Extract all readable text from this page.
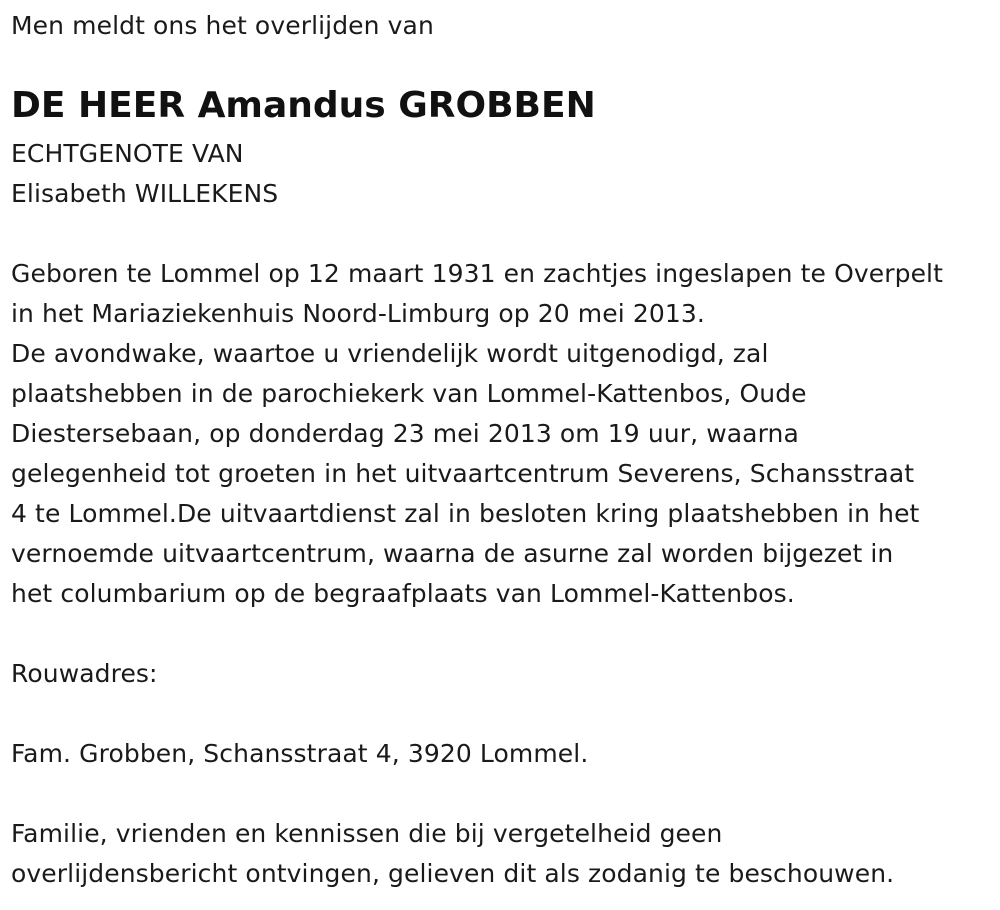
Men meldt ons het overlijden van
DE HEER Amandus GROBBEN
ECHTGENOTE VAN
Elisabeth WILLEKENS
Geboren te Lommel op 12 maart 1931 en zachtjes ingeslapen te Overpelt
in het Mariaziekenhuis Noord-Limburg op 20 mei 2013.
De avondwake, waartoe u vriendelijk wordt uitgenodigd, zal
plaatshebben in de parochiekerk van Lommel-Kattenbos, Oude
Diestersebaan, op donderdag 23 mei 2013 om 19 uur, waarna
gelegenheid tot groeten in het uitvaartcentrum Severens, Schansstraat
4 te Lommel.De uitvaartdienst zal in besloten kring plaatshebben in het
vernoemde uitvaartcentrum, waarna de asurne zal worden bijgezet in
het columbarium op de begraafplaats van Lommel-Kattenbos.
Rouwadres:
Fam. Grobben, Schansstraat 4, 3920 Lommel.
Familie, vrienden en kennissen die bij vergetelheid geen
overlijdensbericht ontvingen, gelieven dit als zodanig te beschouwen.
